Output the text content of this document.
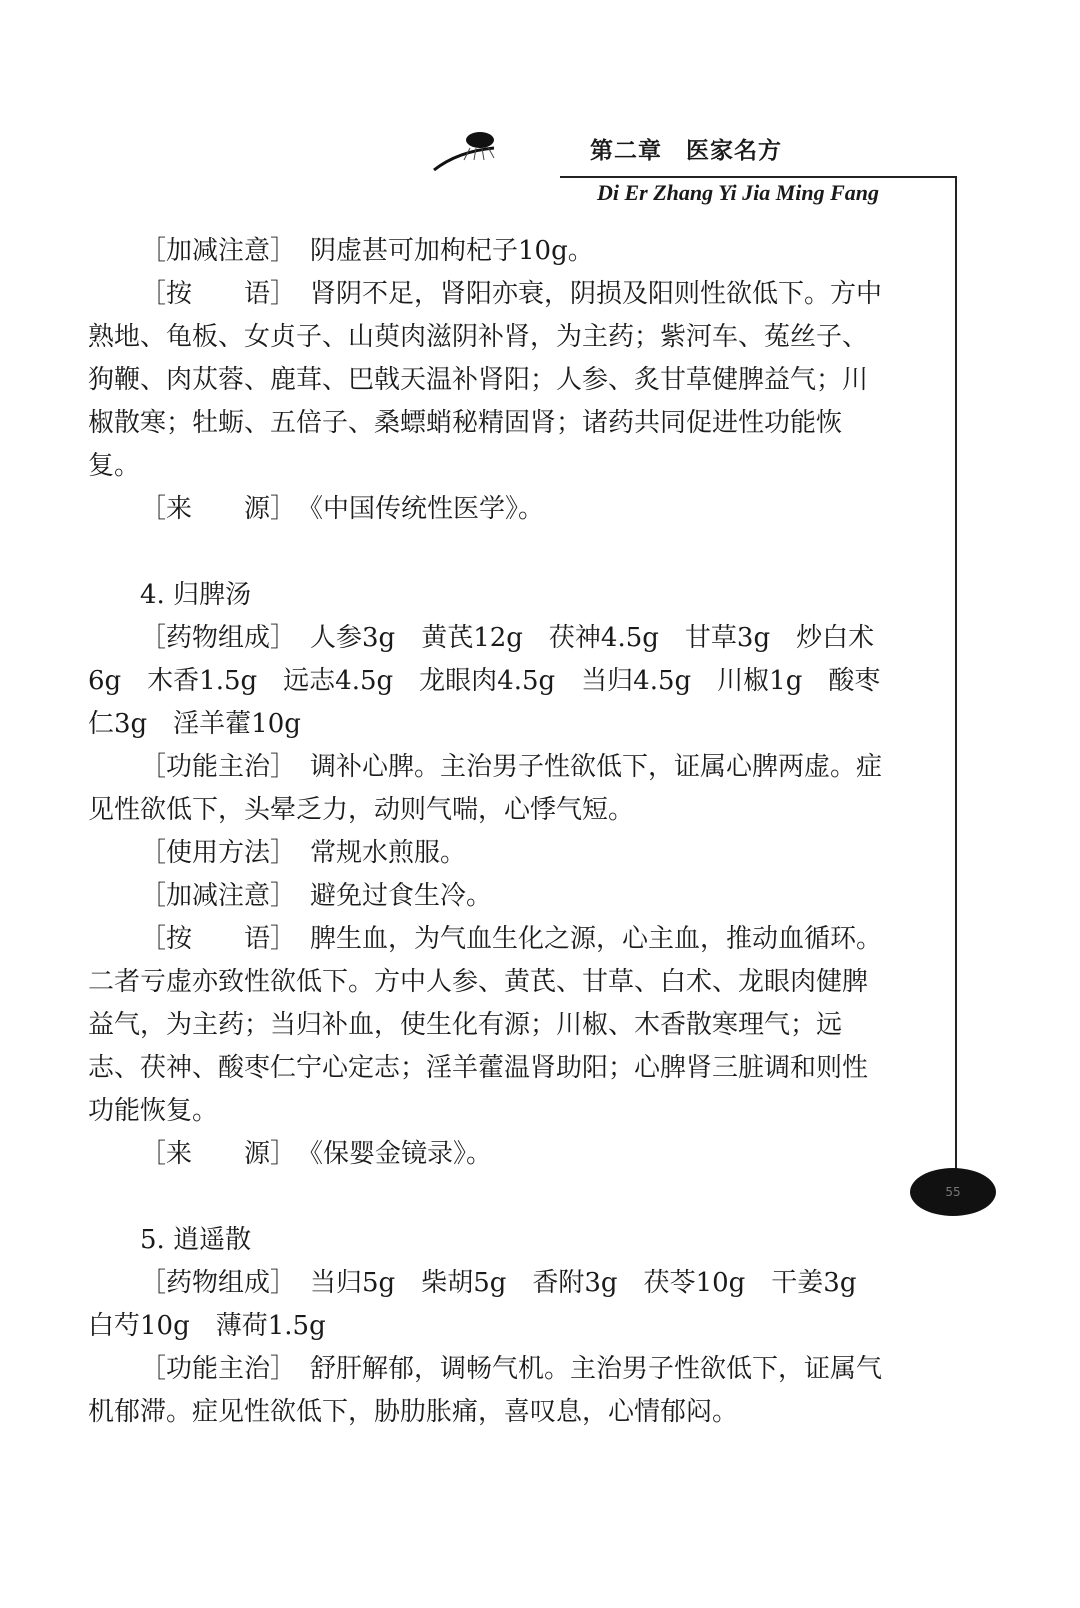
第二章　医家名方
Di Er Zhang Yi Jia Ming Fang
55

［加减注意］ 阴虚甚可加枸杞子10g。

［按　　语］ 肾阴不足，肾阳亦衰，阴损及阳则性欲低下。方中熟地、龟板、女贞子、山萸肉滋阴补肾，为主药；紫河车、菟丝子、狗鞭、肉苁蓉、鹿茸、巴戟天温补肾阳；人参、炙甘草健脾益气；川椒散寒；牡蛎、五倍子、桑螵蛸秘精固肾；诸药共同促进性功能恢复。

［来　　源］ 《中国传统性医学》。

4. 归脾汤

［药物组成］ 人参3g　黄芪12g　茯神4.5g　甘草3g　炒白术6g　木香1.5g　远志4.5g　龙眼肉4.5g　当归4.5g　川椒1g　酸枣仁3g　淫羊藿10g

［功能主治］ 调补心脾。主治男子性欲低下，证属心脾两虚。症见性欲低下，头晕乏力，动则气喘，心悸气短。

［使用方法］ 常规水煎服。

［加减注意］ 避免过食生冷。

［按　　语］ 脾生血，为气血生化之源，心主血，推动血循环。二者亏虚亦致性欲低下。方中人参、黄芪、甘草、白术、龙眼肉健脾益气，为主药；当归补血，使生化有源；川椒、木香散寒理气；远志、茯神、酸枣仁宁心定志；淫羊藿温肾助阳；心脾肾三脏调和则性功能恢复。

［来　　源］ 《保婴金镜录》。

5. 逍遥散

［药物组成］ 当归5g　柴胡5g　香附3g　茯苓10g　干姜3g　白芍10g　薄荷1.5g

［功能主治］ 舒肝解郁，调畅气机。主治男子性欲低下，证属气机郁滞。症见性欲低下，胁肋胀痛，喜叹息，心情郁闷。
